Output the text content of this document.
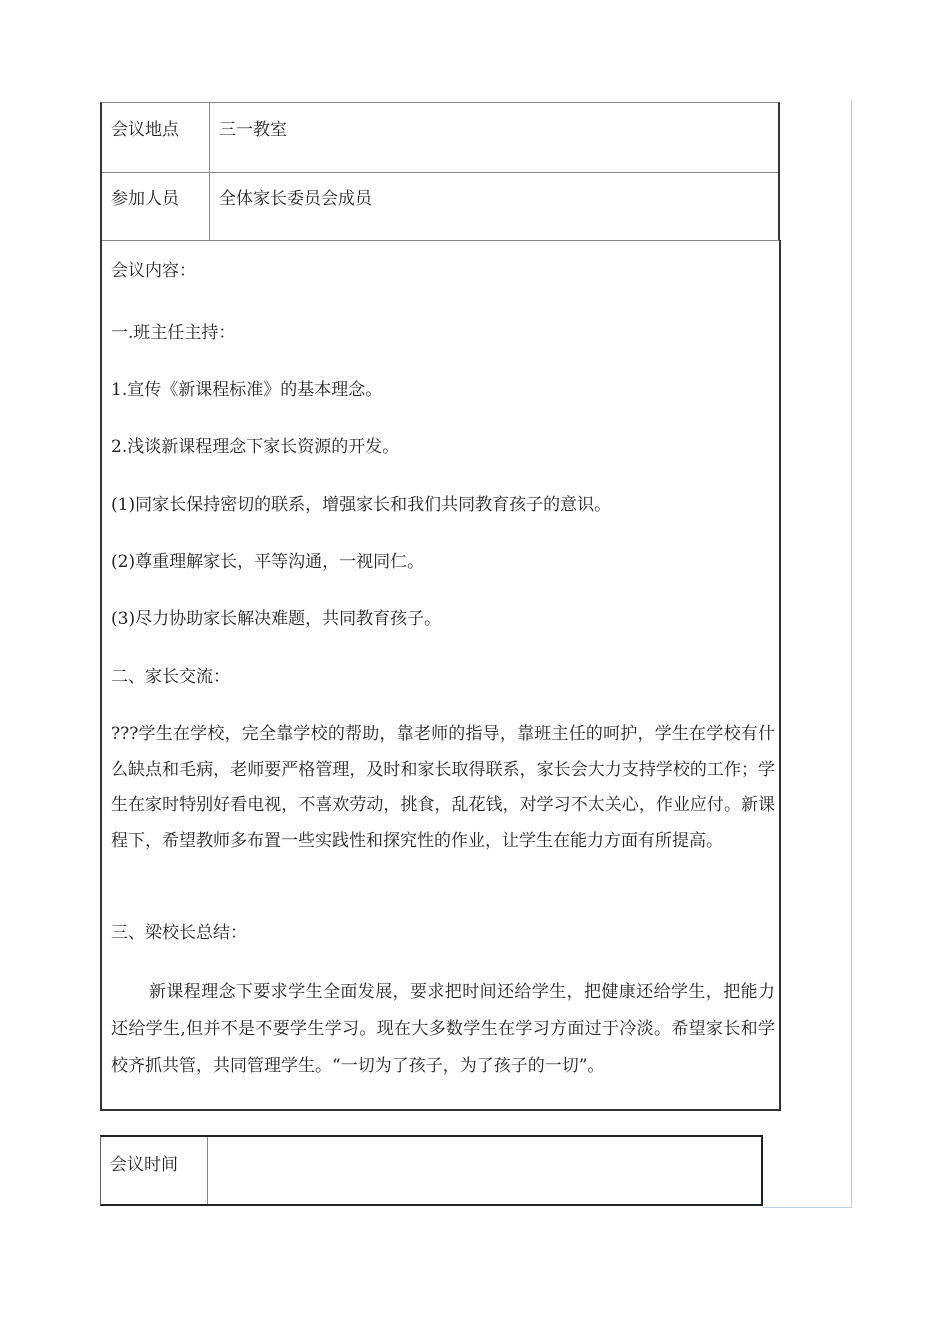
会议地点	三一教室
参加人员	全体家长委员会成员
会议内容：
一.班主任主持：
1.宣传《新课程标准》的基本理念。
2.浅谈新课程理念下家长资源的开发。
(1)同家长保持密切的联系，增强家长和我们共同教育孩子的意识。
(2)尊重理解家长，平等沟通，一视同仁。
(3)尽力协助家长解决难题，共同教育孩子。
二、家长交流：
???学生在学校，完全靠学校的帮助，靠老师的指导，靠班主任的呵护，学生在学校有什么缺点和毛病，老师要严格管理，及时和家长取得联系，家长会大力支持学校的工作；学生在家时特别好看电视，不喜欢劳动，挑食，乱花钱，对学习不太关心，作业应付。新课程下，希望教师多布置一些实践性和探究性的作业，让学生在能力方面有所提高。
三、梁校长总结：
新课程理念下要求学生全面发展，要求把时间还给学生，把健康还给学生，把能力还给学生,但并不是不要学生学习。现在大多数学生在学习方面过于冷淡。希望家长和学校齐抓共管，共同管理学生。“一切为了孩子，为了孩子的一切”。
会议时间
